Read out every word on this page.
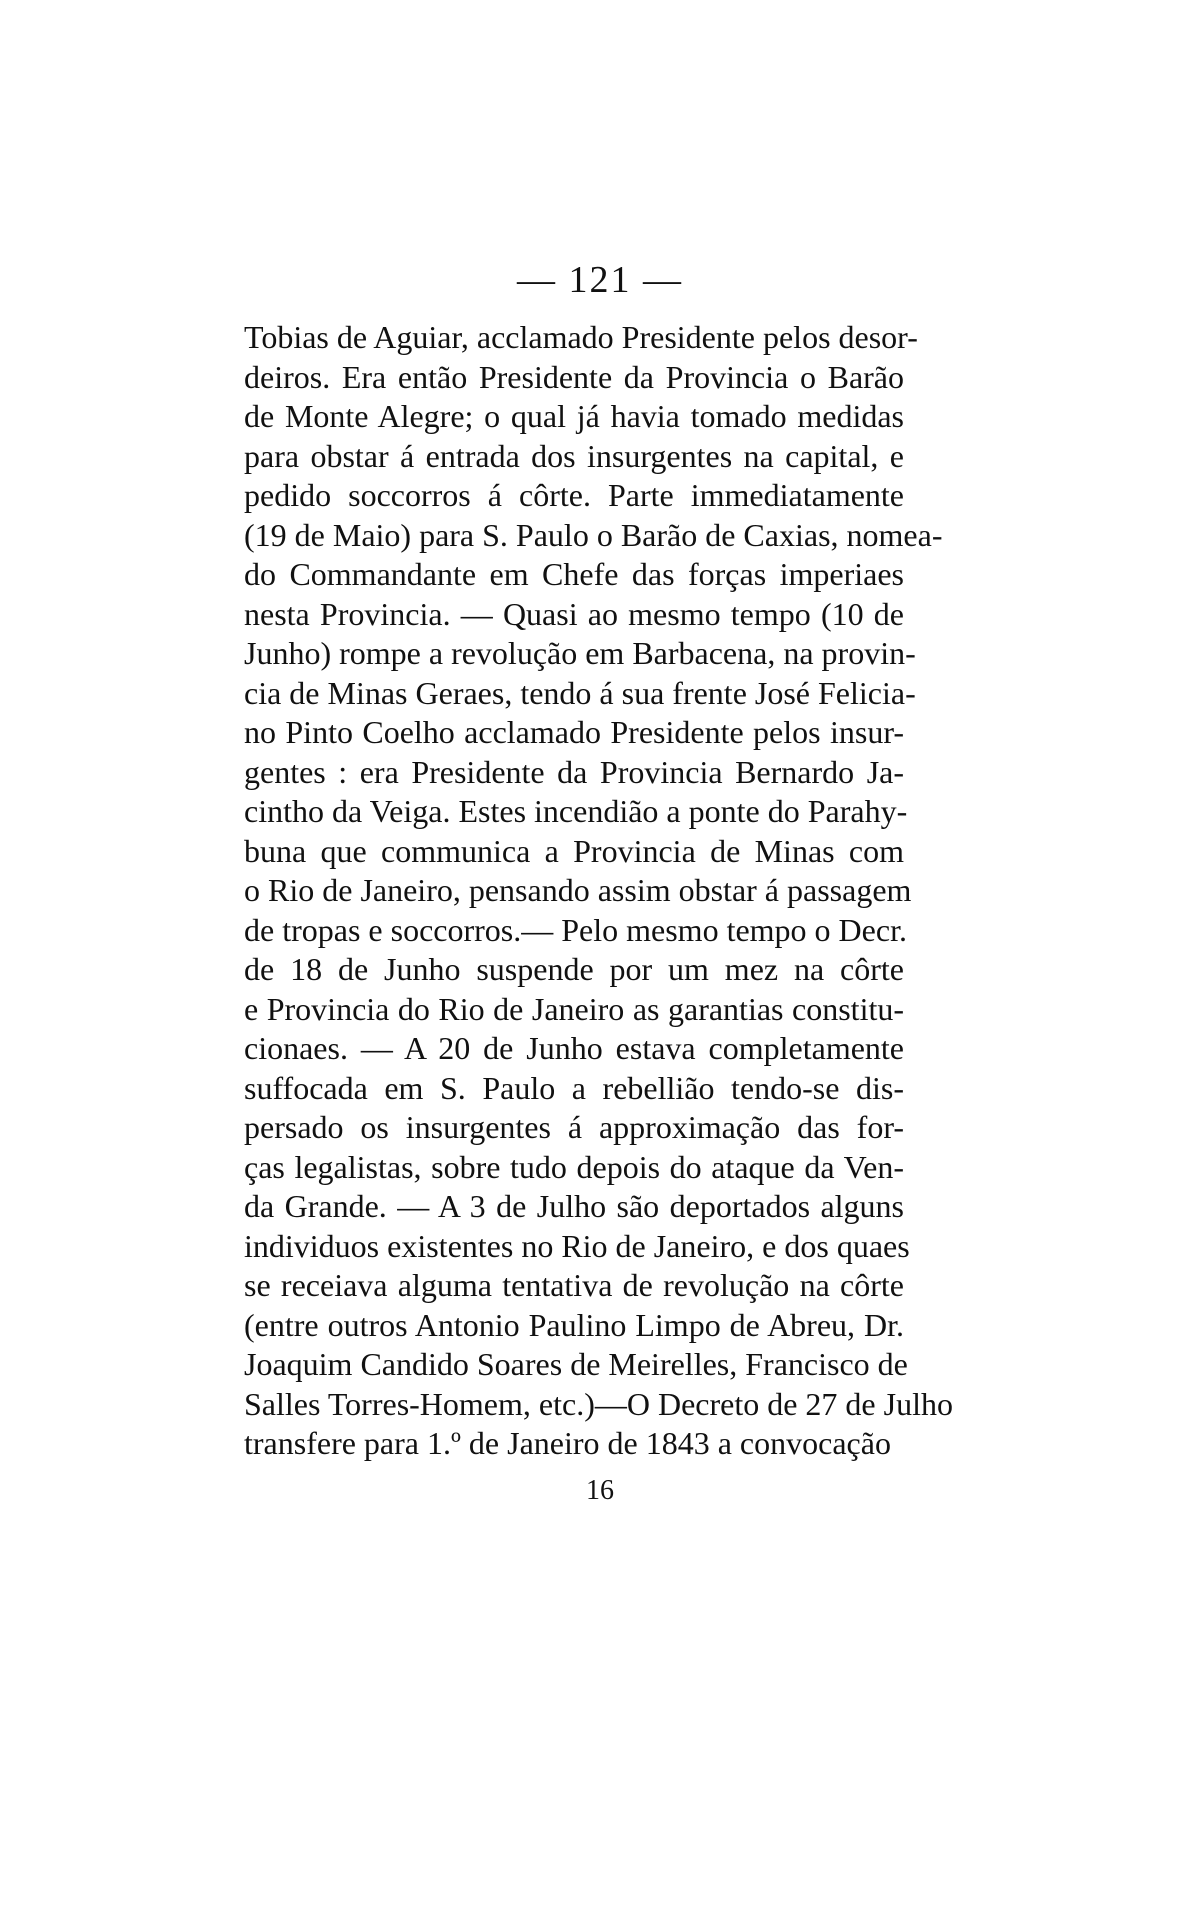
— 121 —
Tobias de Aguiar, acclamado Presidente pelos desor-
deiros. Era então Presidente da Provincia o Barão
de Monte Alegre; o qual já havia tomado medidas
para obstar á entrada dos insurgentes na capital, e
pedido soccorros á côrte. Parte immediatamente
(19 de Maio) para S. Paulo o Barão de Caxias, nomea-
do Commandante em Chefe das forças imperiaes
nesta Provincia. — Quasi ao mesmo tempo (10 de
Junho) rompe a revolução em Barbacena, na provin-
cia de Minas Geraes, tendo á sua frente José Felicia-
no Pinto Coelho acclamado Presidente pelos insur-
gentes : era Presidente da Provincia Bernardo Ja-
cintho da Veiga. Estes incendião a ponte do Parahy-
buna que communica a Provincia de Minas com
o Rio de Janeiro, pensando assim obstar á passagem
de tropas e soccorros.— Pelo mesmo tempo o Decr.
de 18 de Junho suspende por um mez na côrte
e Provincia do Rio de Janeiro as garantias constitu-
cionaes. — A 20 de Junho estava completamente
suffocada em S. Paulo a rebellião tendo-se dis-
persado os insurgentes á approximação das for-
ças legalistas, sobre tudo depois do ataque da Ven-
da Grande. — A 3 de Julho são deportados alguns
individuos existentes no Rio de Janeiro, e dos quaes
se receiava alguma tentativa de revolução na côrte
(entre outros Antonio Paulino Limpo de Abreu, Dr.
Joaquim Candido Soares de Meirelles, Francisco de
Salles Torres-Homem, etc.)—O Decreto de 27 de Julho
transfere para 1.º de Janeiro de 1843 a convocação
16
